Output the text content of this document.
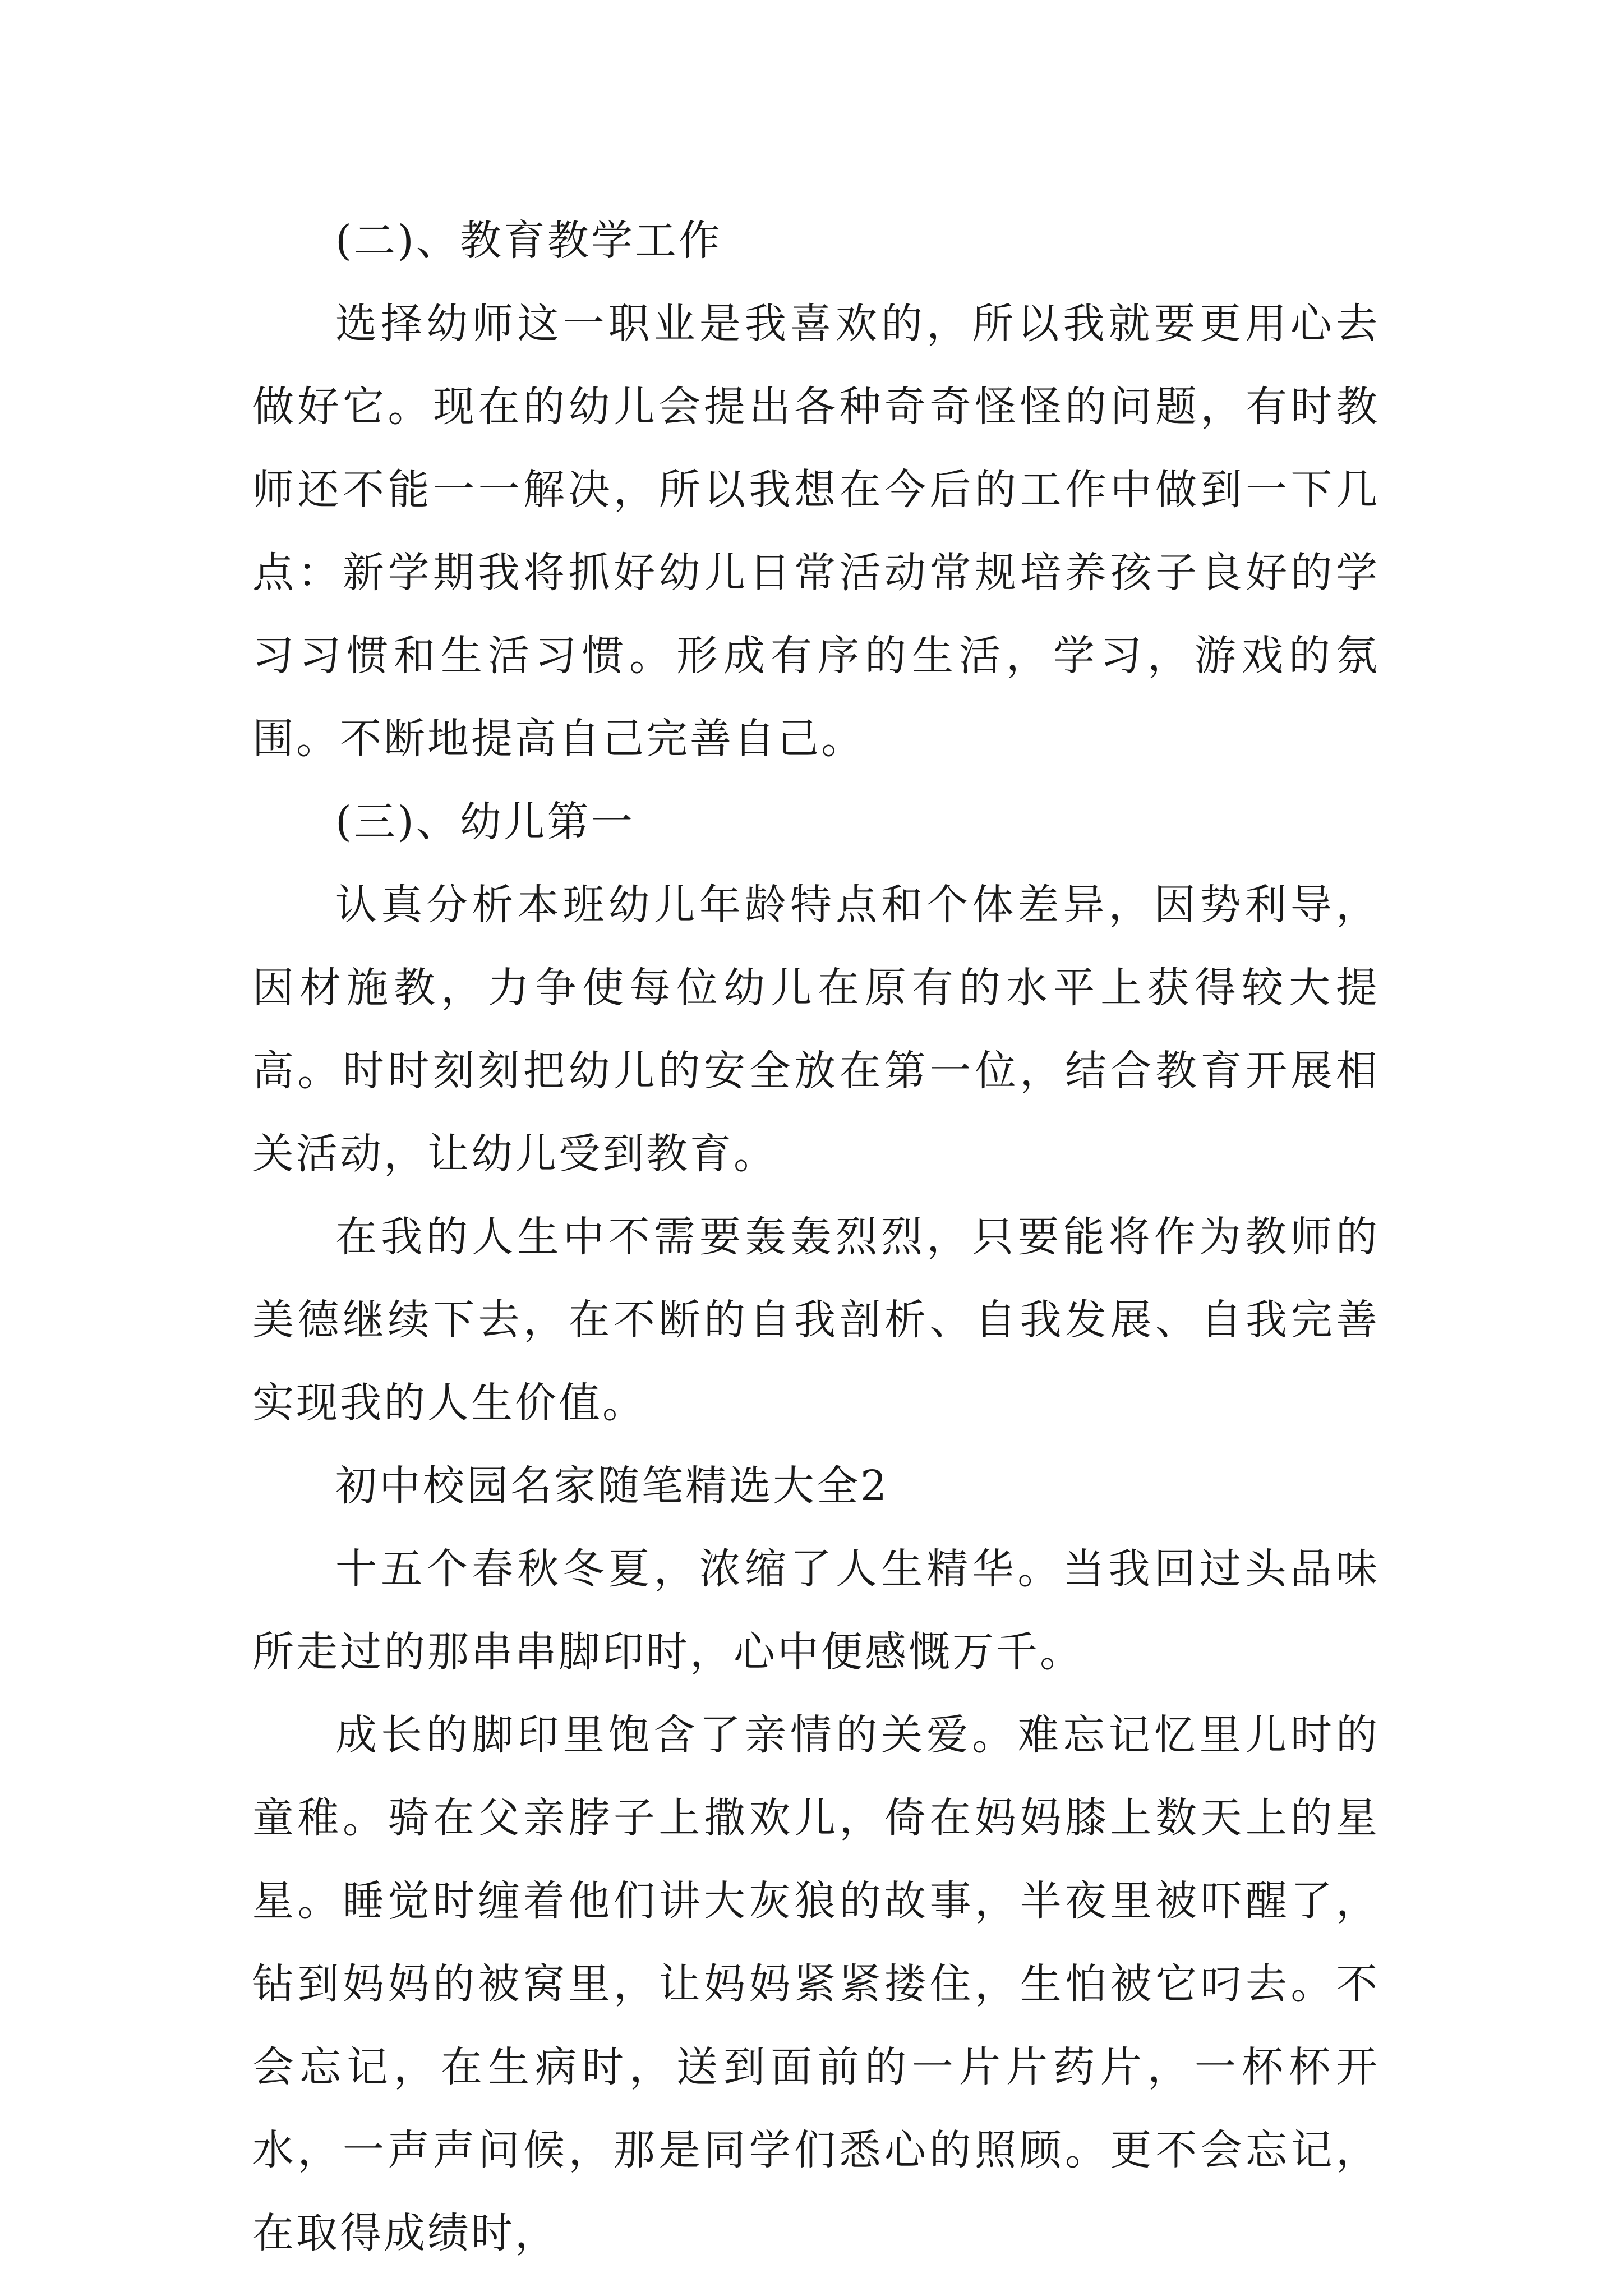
(二)、教育教学工作

选择幼师这一职业是我喜欢的，所以我就要更用心去做好它。现在的幼儿会提出各种奇奇怪怪的问题，有时教师还不能一一解决，所以我想在今后的工作中做到一下几点：新学期我将抓好幼儿日常活动常规培养孩子良好的学习习惯和生活习惯。形成有序的生活，学习，游戏的氛围。不断地提高自己完善自己。

(三)、幼儿第一

认真分析本班幼儿年龄特点和个体差异，因势利导，因材施教，力争使每位幼儿在原有的水平上获得较大提高。时时刻刻把幼儿的安全放在第一位，结合教育开展相关活动，让幼儿受到教育。

在我的人生中不需要轰轰烈烈，只要能将作为教师的美德继续下去，在不断的自我剖析、自我发展、自我完善实现我的人生价值。

初中校园名家随笔精选大全2

十五个春秋冬夏，浓缩了人生精华。当我回过头品味所走过的那串串脚印时，心中便感慨万千。

成长的脚印里饱含了亲情的关爱。难忘记忆里儿时的童稚。骑在父亲脖子上撒欢儿，倚在妈妈膝上数天上的星星。睡觉时缠着他们讲大灰狼的故事，半夜里被吓醒了，钻到妈妈的被窝里，让妈妈紧紧搂住，生怕被它叼去。不会忘记，在生病时，送到面前的一片片药片，一杯杯开水，一声声问候，那是同学们悉心的照顾。更不会忘记，在取得成绩时，
